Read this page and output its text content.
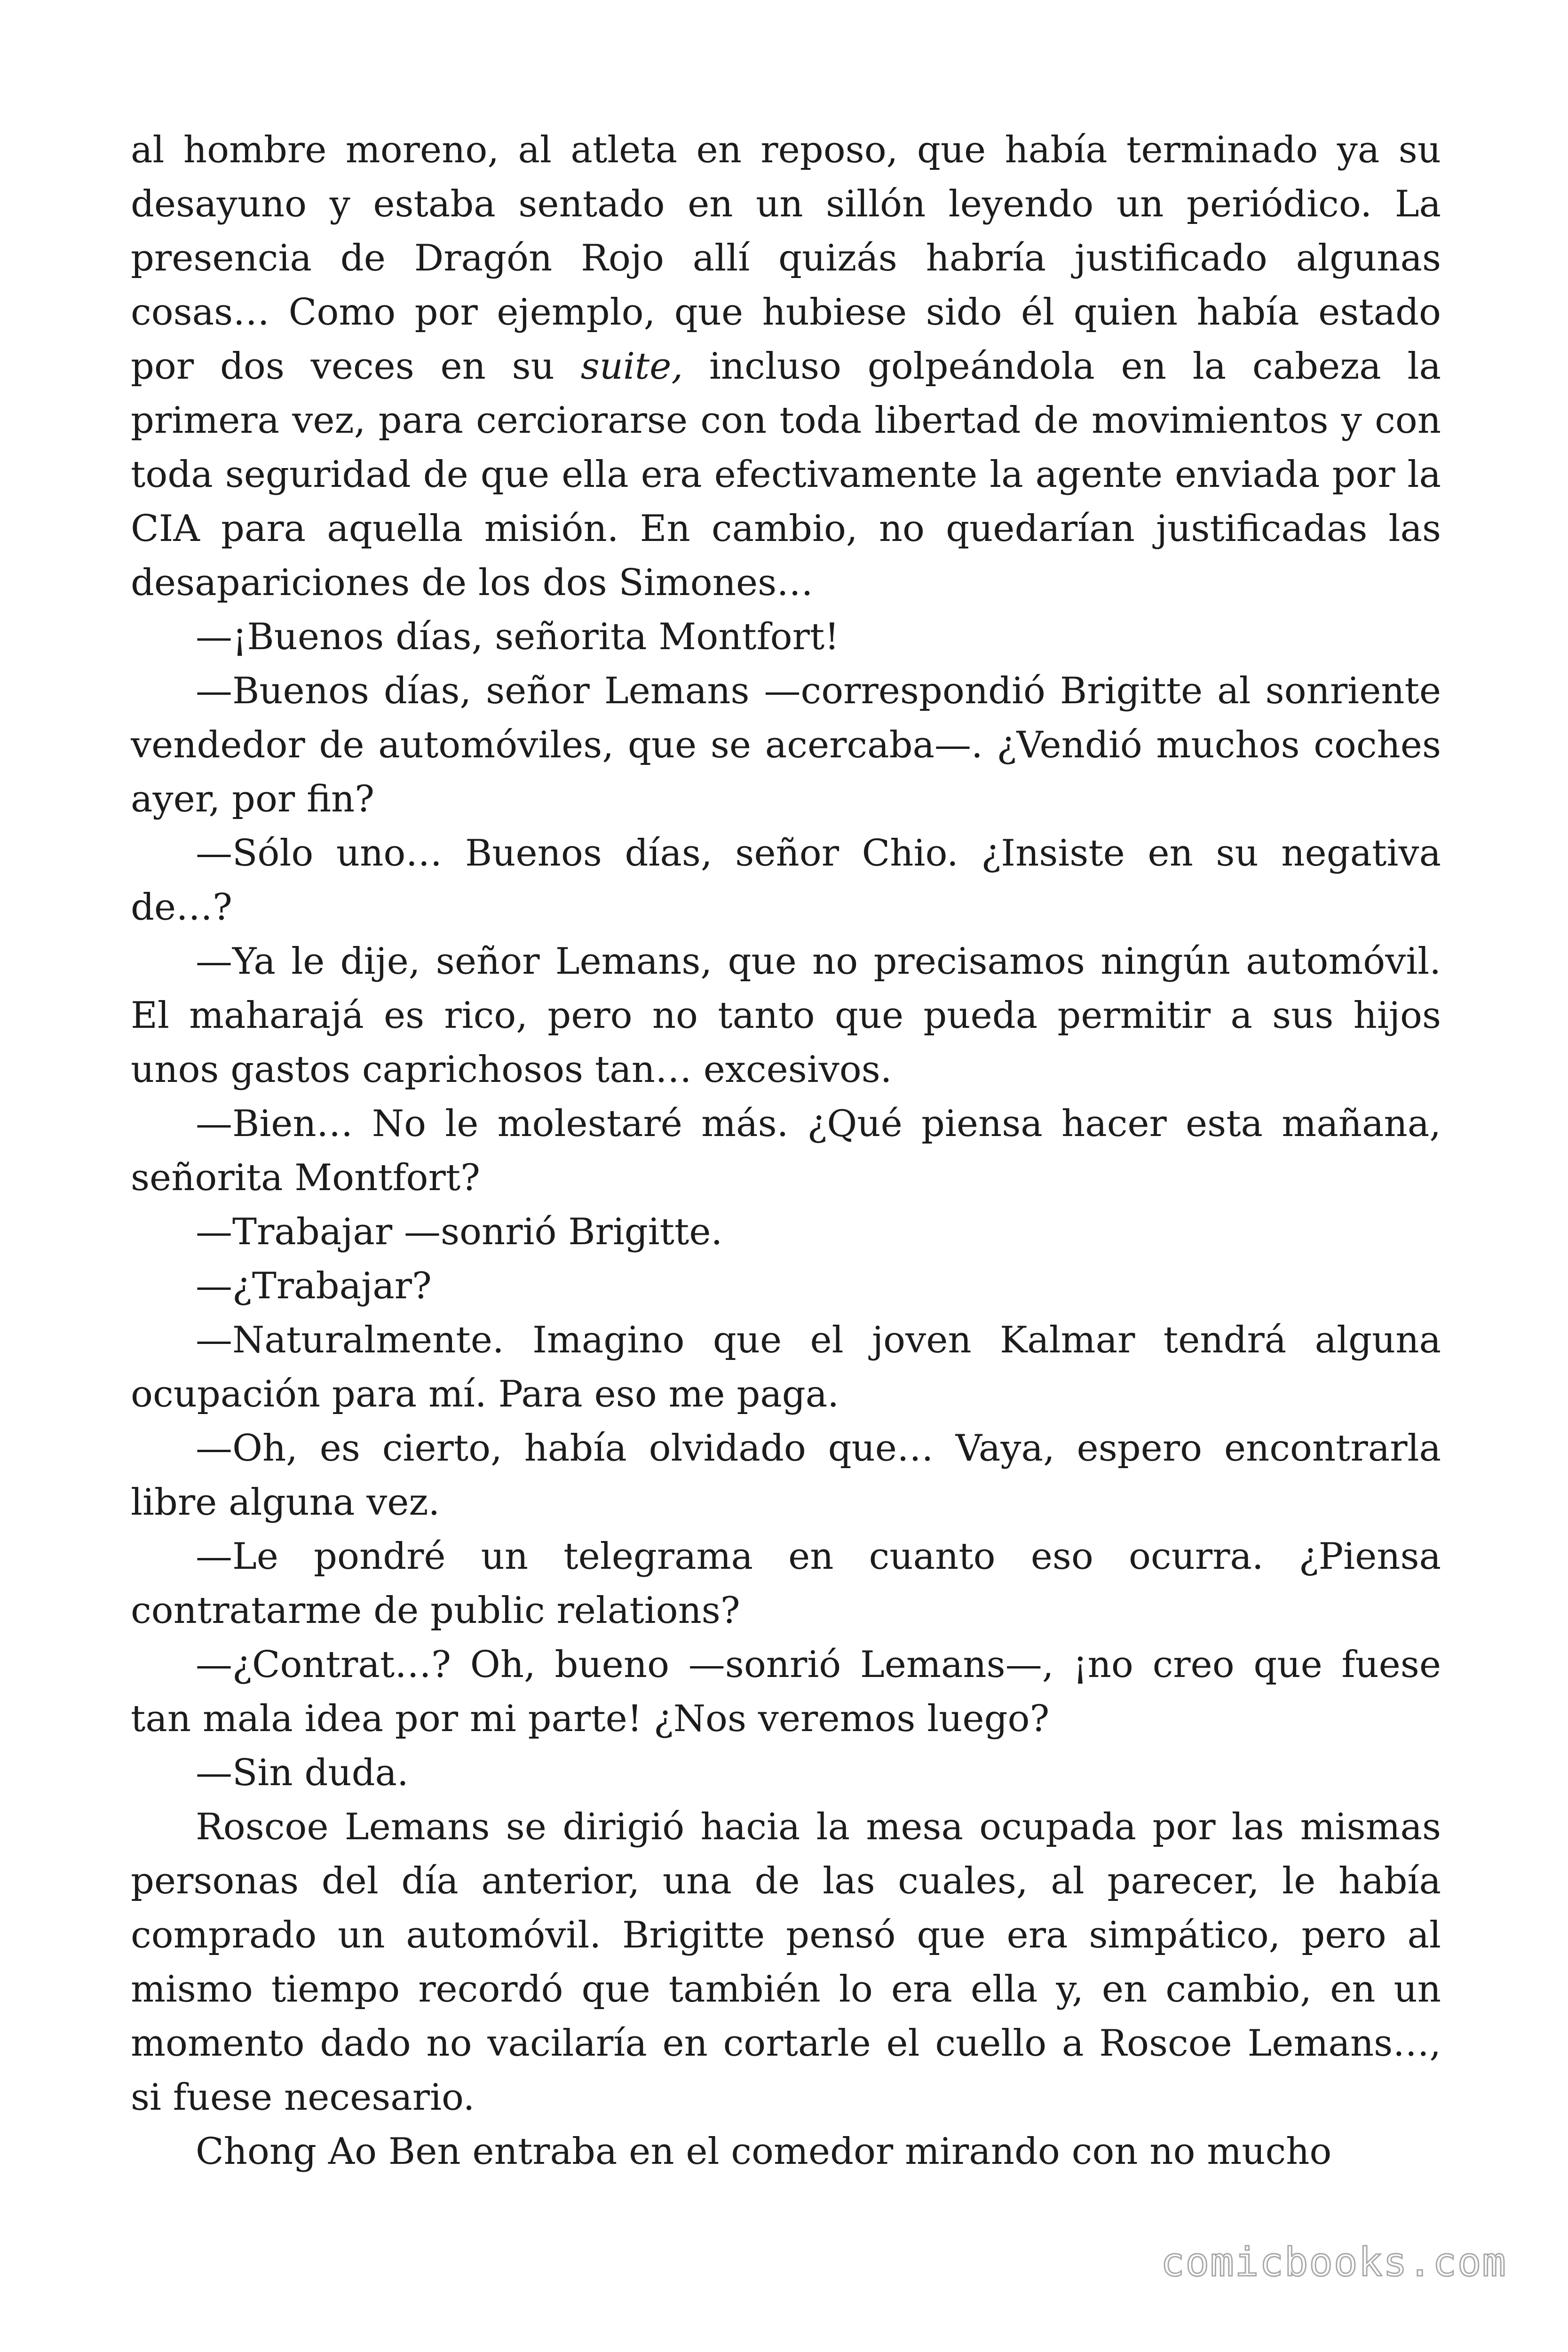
al hombre moreno, al atleta en reposo, que había terminado ya su desayuno y estaba sentado en un sillón leyendo un periódico. La presencia de Dragón Rojo allí quizás habría justificado algunas cosas… Como por ejemplo, que hubiese sido él quien había estado por dos veces en su suite, incluso golpeándola en la cabeza la primera vez, para cerciorarse con toda libertad de movimientos y con toda seguridad de que ella era efectivamente la agente enviada por la CIA para aquella misión. En cambio, no quedarían justificadas las desapariciones de los dos Simones…

—¡Buenos días, señorita Montfort!

—Buenos días, señor Lemans —correspondió Brigitte al sonriente vendedor de automóviles, que se acercaba—. ¿Vendió muchos coches ayer, por fin?

—Sólo uno… Buenos días, señor Chio. ¿Insiste en su negativa de…?

—Ya le dije, señor Lemans, que no precisamos ningún automóvil. El maharajá es rico, pero no tanto que pueda permitir a sus hijos unos gastos caprichosos tan… excesivos.

—Bien… No le molestaré más. ¿Qué piensa hacer esta mañana, señorita Montfort?

—Trabajar —sonrió Brigitte.

—¿Trabajar?

—Naturalmente. Imagino que el joven Kalmar tendrá alguna ocupación para mí. Para eso me paga.

—Oh, es cierto, había olvidado que… Vaya, espero encontrarla libre alguna vez.

—Le pondré un telegrama en cuanto eso ocurra. ¿Piensa contratarme de public relations?

—¿Contrat…? Oh, bueno —sonrió Lemans—, ¡no creo que fuese tan mala idea por mi parte! ¿Nos veremos luego?

—Sin duda.

Roscoe Lemans se dirigió hacia la mesa ocupada por las mismas personas del día anterior, una de las cuales, al parecer, le había comprado un automóvil. Brigitte pensó que era simpático, pero al mismo tiempo recordó que también lo era ella y, en cambio, en un momento dado no vacilaría en cortarle el cuello a Roscoe Lemans…, si fuese necesario.

Chong Ao Ben entraba en el comedor mirando con no mucho

comicbooks.com
